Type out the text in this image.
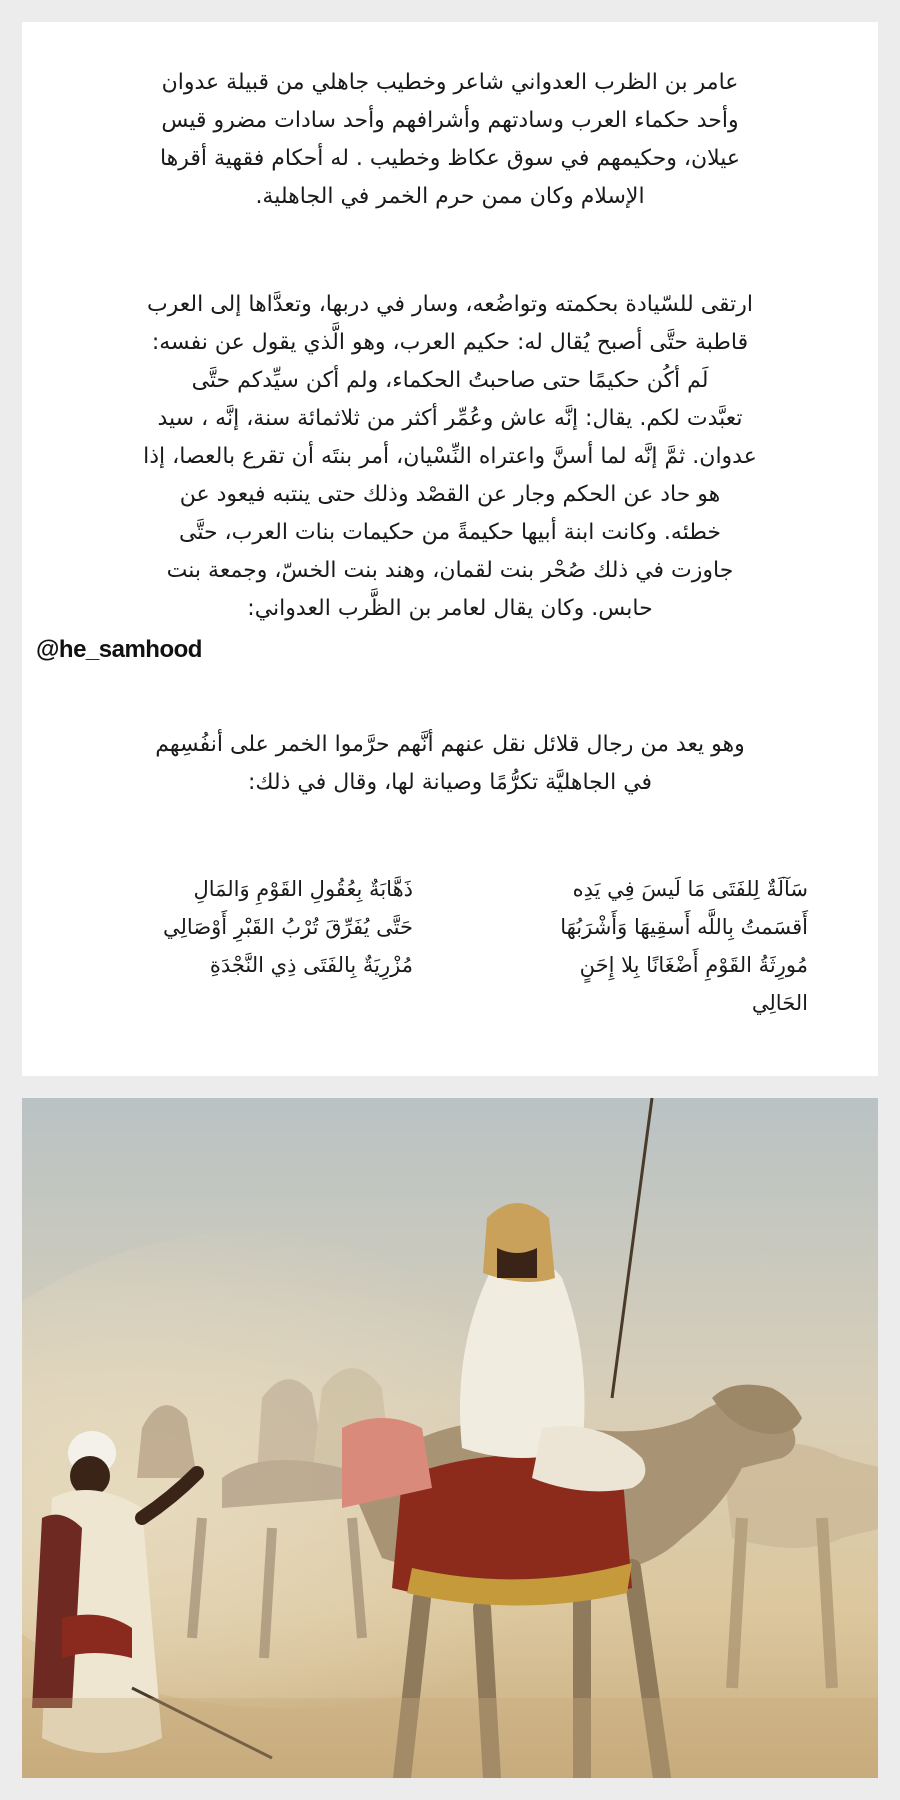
عامر بن الظرب العدواني شاعر وخطيب جاهلي من قبيلة عدوان
وأحد حكماء العرب وسادتهم وأشرافهم وأحد سادات مضرو قيس
عيلان، وحكيمهم في سوق عكاظ وخطيب . له أحكام فقهية أقرها
الإسلام وكان ممن حرم الخمر في الجاهلية.

ارتقى للسّيادة بحكمته وتواضُعه، وسار في دربها، وتعدَّاها إلى العرب
قاطبة حتَّى أصبح يُقال له: حكيم العرب، وهو الَّذي يقول عن نفسه:
لَم أكُن حكيمًا حتى صاحبتُ الحكماء، ولم أكن سيِّدكم حتَّى
تعبَّدت لكم. يقال: إنَّه عاش وعُمِّر أكثر من ثلاثمائة سنة، إنَّه ، سيد
عدوان. ثمَّ إنَّه لما أسنَّ واعتراه النِّسْيان، أمر بنتَه أن تقرع بالعصا، إذا
هو حاد عن الحكم وجار عن القصْد وذلك حتى ينتبه فيعود عن
خطئه. وكانت ابنة أبيها حكيمةً من حكيمات بنات العرب، حتَّى
جاوزت في ذلك صُحْر بنت لقمان، وهند بنت الخسّ، وجمعة بنت
حابس. وكان يقال لعامر بن الظَّرب العدواني:

@he_samhood

وهو يعد من رجال قلائل نقل عنهم أنَّهم حرَّموا الخمر على أنفُسِهم
في الجاهليَّة تكرُّمًا وصيانة لها، وقال في ذلك:

سَآلَةٌ لِلفَتَى مَا لَيسَ فِي يَدِه
أَقسَمتُ بِاللَّه أَسقِيهَا وَأَشْرَبُهَا
مُورِثَةُ القَوْمِ أَضْغَانًا بِلا إِحَنٍ
الحَالِي
ذَهَّابَةٌ بِعُقُولِ القَوْمِ وَالمَالِ
حَتَّى يُفَرِّقَ تُرْبُ القَبْرِ أَوْصَالِي
مُزْرِيَةٌ بِالفَتَى ذِي النَّجْدَةِ
